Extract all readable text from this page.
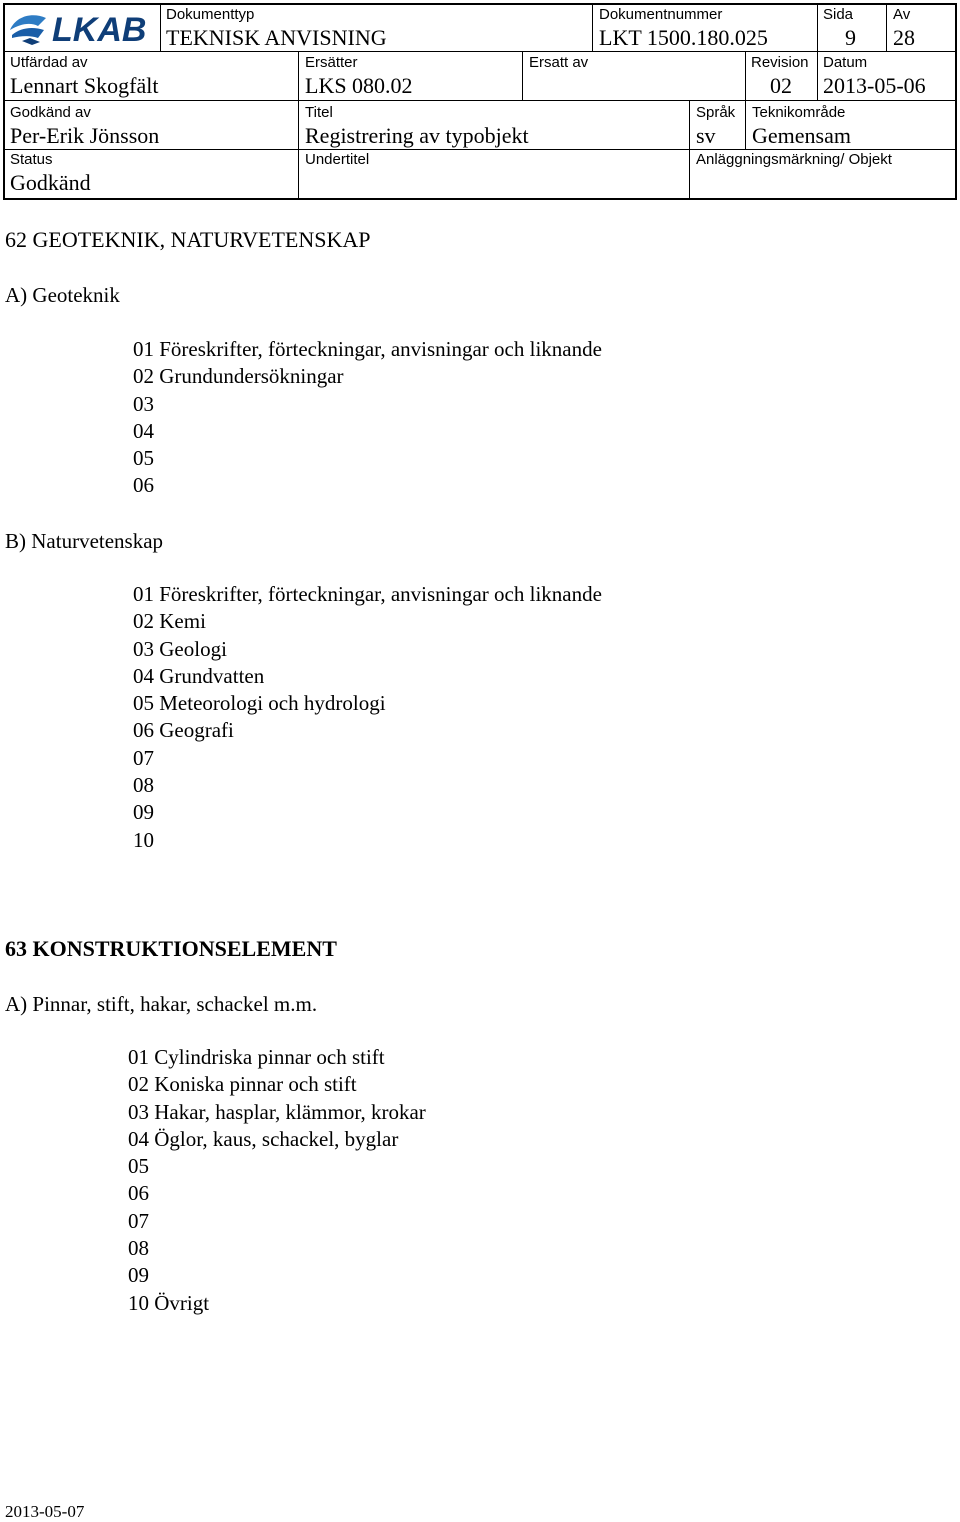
LKAB Dokumenttyp
TEKNISK ANVISNING
Dokumentnummer
LKT 1500.180.025
Sida
9
Av
28
Utfärdad av
Lennart Skogfält
Ersätter
LKS 080.02
Ersatt av	Revision
02
Datum
2013-05-06
Godkänd av
Per-Erik Jönsson
Titel
Registrering av typobjekt
Språk
sv
Teknikområde
Gemensam
Status
Godkänd
Undertitel	Anläggningsmärkning/ Objekt
62 GEOTEKNIK, NATURVETENSKAP
A) Geoteknik
01 Föreskrifter, förteckningar, anvisningar och liknande
02 Grundundersökningar
03
04
05
06
B) Naturvetenskap
01 Föreskrifter, förteckningar, anvisningar och liknande
02 Kemi
03 Geologi
04 Grundvatten
05 Meteorologi och hydrologi
06 Geografi
07
08
09
10
63 KONSTRUKTIONSELEMENT
A) Pinnar, stift, hakar, schackel m.m.
01 Cylindriska pinnar och stift
02 Koniska pinnar och stift
03 Hakar, hasplar, klämmor, krokar
04 Öglor, kaus, schackel, byglar
05
06
07
08
09
10 Övrigt
2013-05-07
